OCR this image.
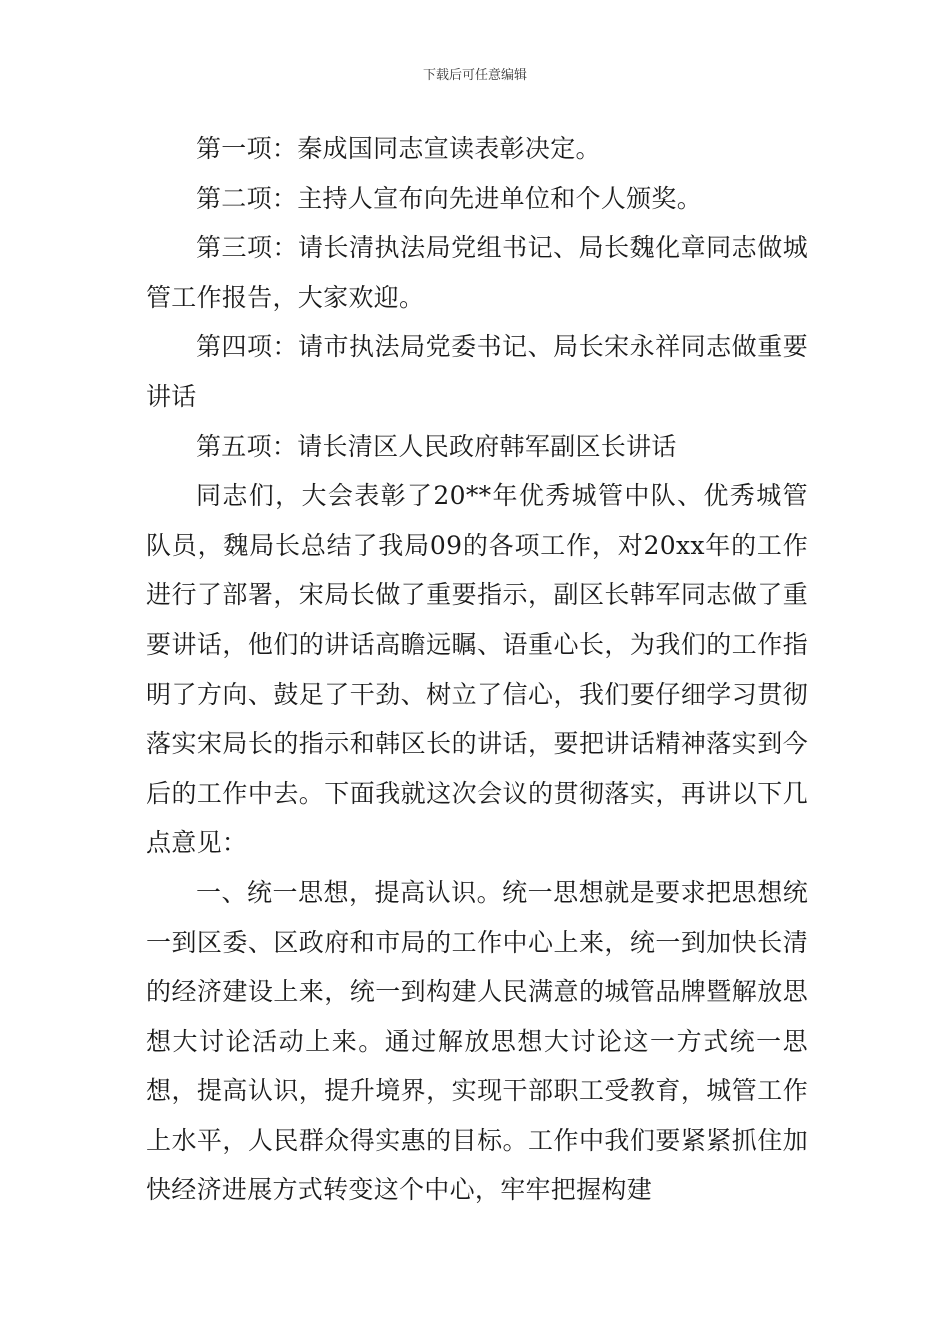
下载后可任意编辑

第一项：秦成国同志宣读表彰决定。

第二项：主持人宣布向先进单位和个人颁奖。

第三项：请长清执法局党组书记、局长魏化章同志做城管工作报告，大家欢迎。

第四项：请市执法局党委书记、局长宋永祥同志做重要讲话

第五项：请长清区人民政府韩军副区长讲话

同志们，大会表彰了20**年优秀城管中队、优秀城管队员，魏局长总结了我局09的各项工作，对20xx年的工作进行了部署，宋局长做了重要指示，副区长韩军同志做了重要讲话，他们的讲话高瞻远瞩、语重心长，为我们的工作指明了方向、鼓足了干劲、树立了信心，我们要仔细学习贯彻落实宋局长的指示和韩区长的讲话，要把讲话精神落实到今后的工作中去。下面我就这次会议的贯彻落实，再讲以下几点意见：

一、统一思想，提高认识。统一思想就是要求把思想统一到区委、区政府和市局的工作中心上来，统一到加快长清的经济建设上来，统一到构建人民满意的城管品牌暨解放思想大讨论活动上来。通过解放思想大讨论这一方式统一思想，提高认识，提升境界，实现干部职工受教育，城管工作上水平，人民群众得实惠的目标。工作中我们要紧紧抓住加快经济进展方式转变这个中心，牢牢把握构建
